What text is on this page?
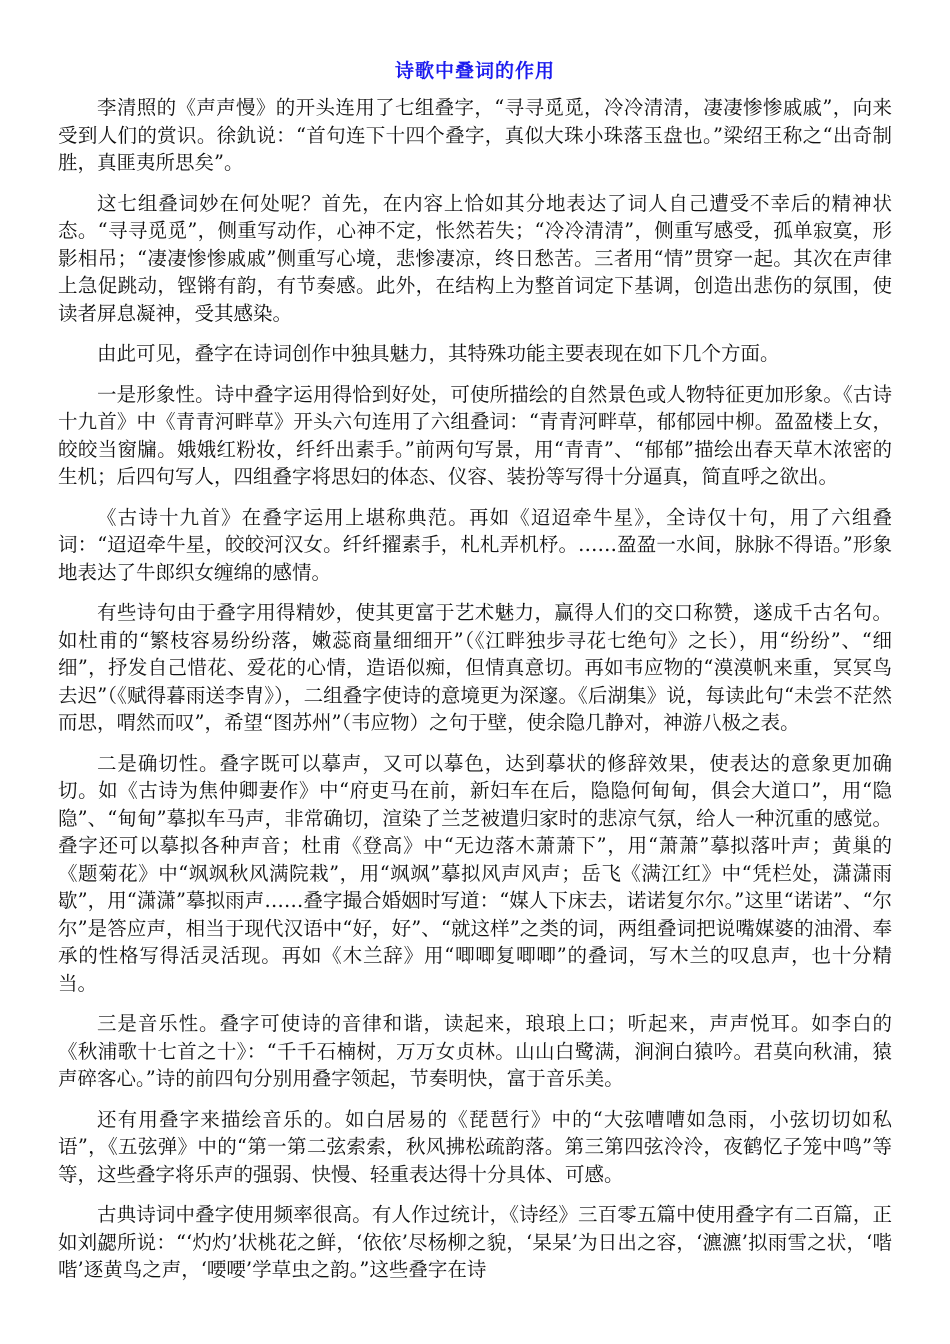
诗歌中叠词的作用

李清照的《声声慢》的开头连用了七组叠字，“寻寻觅觅，冷冷清清，凄凄惨惨戚戚”，向来受到人们的赏识。徐釚说：“首句连下十四个叠字，真似大珠小珠落玉盘也。”梁绍王称之“出奇制胜，真匪夷所思矣”。

这七组叠词妙在何处呢？首先，在内容上恰如其分地表达了词人自己遭受不幸后的精神状态。“寻寻觅觅”，侧重写动作，心神不定，怅然若失；“冷冷清清”，侧重写感受，孤单寂寞，形影相吊；“凄凄惨惨戚戚”侧重写心境，悲惨凄凉，终日愁苦。三者用“情”贯穿一起。其次在声律上急促跳动，铿锵有韵，有节奏感。此外，在结构上为整首词定下基调，创造出悲伤的氛围，使读者屏息凝神，受其感染。

由此可见，叠字在诗词创作中独具魅力，其特殊功能主要表现在如下几个方面。

一是形象性。诗中叠字运用得恰到好处，可使所描绘的自然景色或人物特征更加形象。《古诗十九首》中《青青河畔草》开头六句连用了六组叠词：“青青河畔草，郁郁园中柳。盈盈楼上女，皎皎当窗牖。娥娥红粉妆，纤纤出素手。”前两句写景，用“青青”、“郁郁”描绘出春天草木浓密的生机；后四句写人，四组叠字将思妇的体态、仪容、装扮等写得十分逼真，简直呼之欲出。

《古诗十九首》在叠字运用上堪称典范。再如《迢迢牵牛星》，全诗仅十句，用了六组叠词：“迢迢牵牛星，皎皎河汉女。纤纤擢素手，札札弄机杼。……盈盈一水间，脉脉不得语。”形象地表达了牛郎织女缠绵的感情。

有些诗句由于叠字用得精妙，使其更富于艺术魅力，赢得人们的交口称赞，遂成千古名句。如杜甫的“繁枝容易纷纷落，嫩蕊商量细细开”（《江畔独步寻花七绝句》之长），用“纷纷”、“细细”，抒发自己惜花、爱花的心情，造语似痴，但情真意切。再如韦应物的“漠漠帆来重，冥冥鸟去迟”（《赋得暮雨送李胄》），二组叠字使诗的意境更为深邃。《后湖集》说，每读此句“未尝不茫然而思，喟然而叹”，希望“图苏州”（韦应物）之句于壁，使余隐几静对，神游八极之表。

二是确切性。叠字既可以摹声，又可以摹色，达到摹状的修辞效果，使表达的意象更加确切。如《古诗为焦仲卿妻作》中“府吏马在前，新妇车在后，隐隐何甸甸，俱会大道口”，用“隐隐”、“甸甸”摹拟车马声，非常确切，渲染了兰芝被遣归家时的悲凉气氛，给人一种沉重的感觉。叠字还可以摹拟各种声音；杜甫《登高》中“无边落木萧萧下”，用“萧萧”摹拟落叶声；黄巢的《题菊花》中“飒飒秋风满院栽”，用“飒飒”摹拟风声风声；岳飞《满江红》中“凭栏处，潇潇雨歇”，用“潇潇”摹拟雨声……叠字撮合婚姻时写道：“媒人下床去，诺诺复尔尔。”这里“诺诺”、“尔尔”是答应声，相当于现代汉语中“好，好”、“就这样”之类的词，两组叠词把说嘴媒婆的油滑、奉承的性格写得活灵活现。再如《木兰辞》用“唧唧复唧唧”的叠词，写木兰的叹息声，也十分精当。

三是音乐性。叠字可使诗的音律和谐，读起来，琅琅上口；听起来，声声悦耳。如李白的《秋浦歌十七首之十》：“千千石楠树，万万女贞林。山山白鹭满，涧涧白猿吟。君莫向秋浦，猿声碎客心。”诗的前四句分别用叠字领起，节奏明快，富于音乐美。

还有用叠字来描绘音乐的。如白居易的《琵琶行》中的“大弦嘈嘈如急雨，小弦切切如私语”，《五弦弹》中的“第一第二弦索索，秋风拂松疏韵落。第三第四弦泠泠，夜鹤忆子笼中鸣”等等，这些叠字将乐声的强弱、快慢、轻重表达得十分具体、可感。

古典诗词中叠字使用频率很高。有人作过统计，《诗经》三百零五篇中使用叠字有二百篇，正如刘勰所说：“‘灼灼’状桃花之鲜，‘依依’尽杨柳之貌，‘杲杲’为日出之容，‘瀌瀌’拟雨雪之状，‘喈喈’逐黄鸟之声，‘喓喓’学草虫之韵。”这些叠字在诗
